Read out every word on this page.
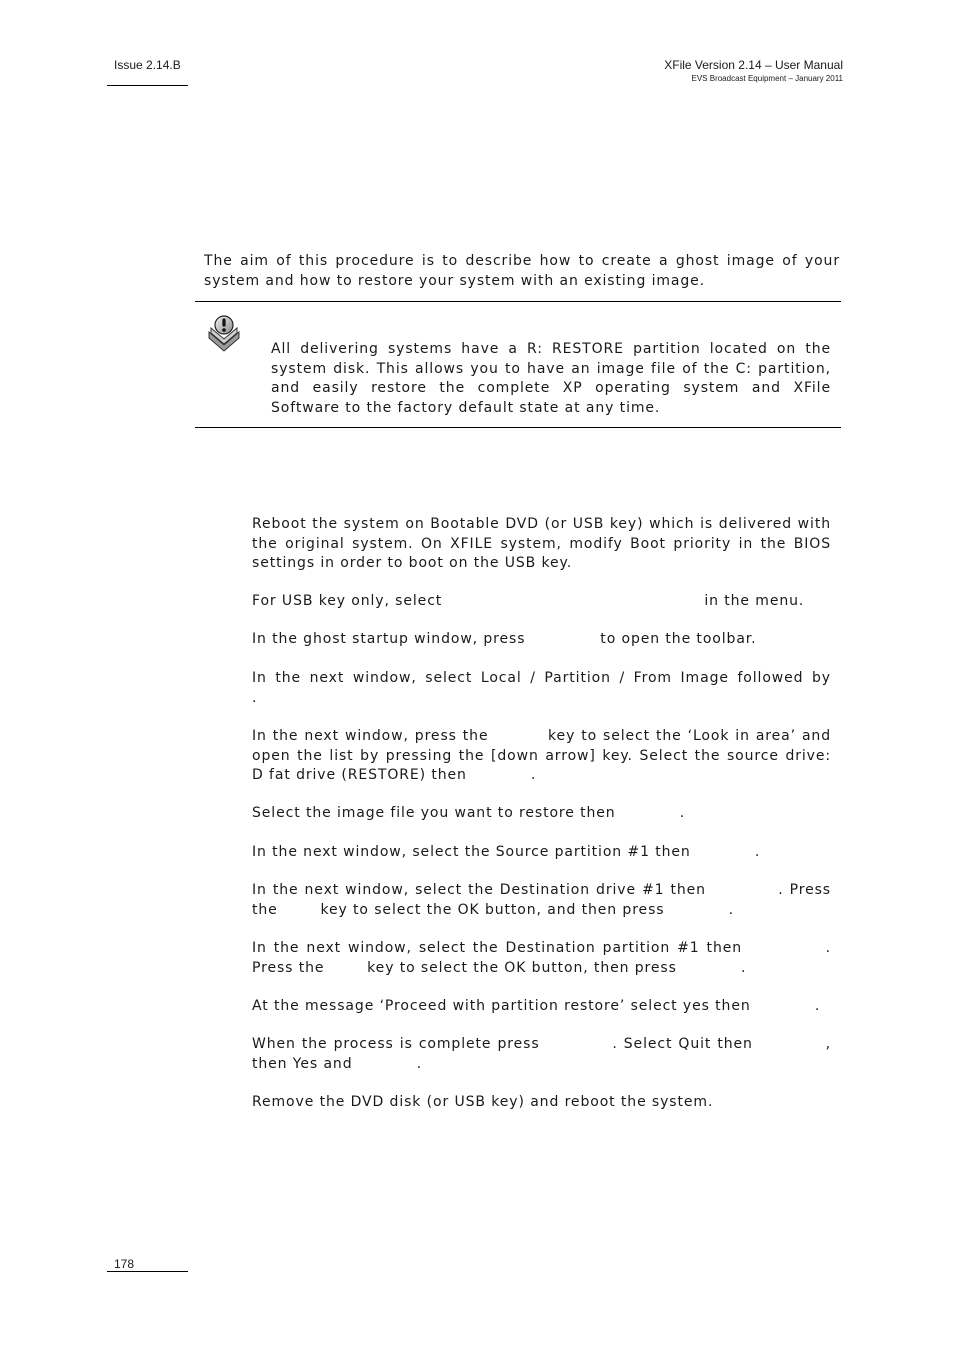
Issue 2.14.B	XFile Version 2.14 – User Manual
EVS Broadcast Equipment – January 2011
The aim of this procedure is to describe how to create a ghost image of your system and how to restore your system with an existing image.
All delivering systems have a R: RESTORE partition located on the system disk. This allows you to have an image file of the C: partition, and easily restore the complete XP operating system and XFile Software to the factory default state at any time.
Reboot the system on Bootable DVD (or USB key) which is delivered with the original system. On XFILE system, modify Boot priority in the BIOS settings in order to boot on the USB key.
For USB key only, select                                                 in the menu.
In the ghost startup window, press              to open the toolbar.
In the next window, select Local / Partition / From Image followed by         .
In the next window, press the          key to select the ‘Look in area’ and open the list by pressing the [down arrow] key. Select the source drive: D fat drive (RESTORE) then            .
Select the image file you want to restore then            .
In the next window, select the Source partition #1 then            .
In the next window, select the Destination drive #1 then            . Press the        key to select the OK button, and then press            .
In the next window, select the Destination partition #1 then            . Press the        key to select the OK button, then press            .
At the message ‘Proceed with partition restore’ select yes then            .
When the process is complete press            . Select Quit then            , then Yes and            .
Remove the DVD disk (or USB key) and reboot the system.
178
